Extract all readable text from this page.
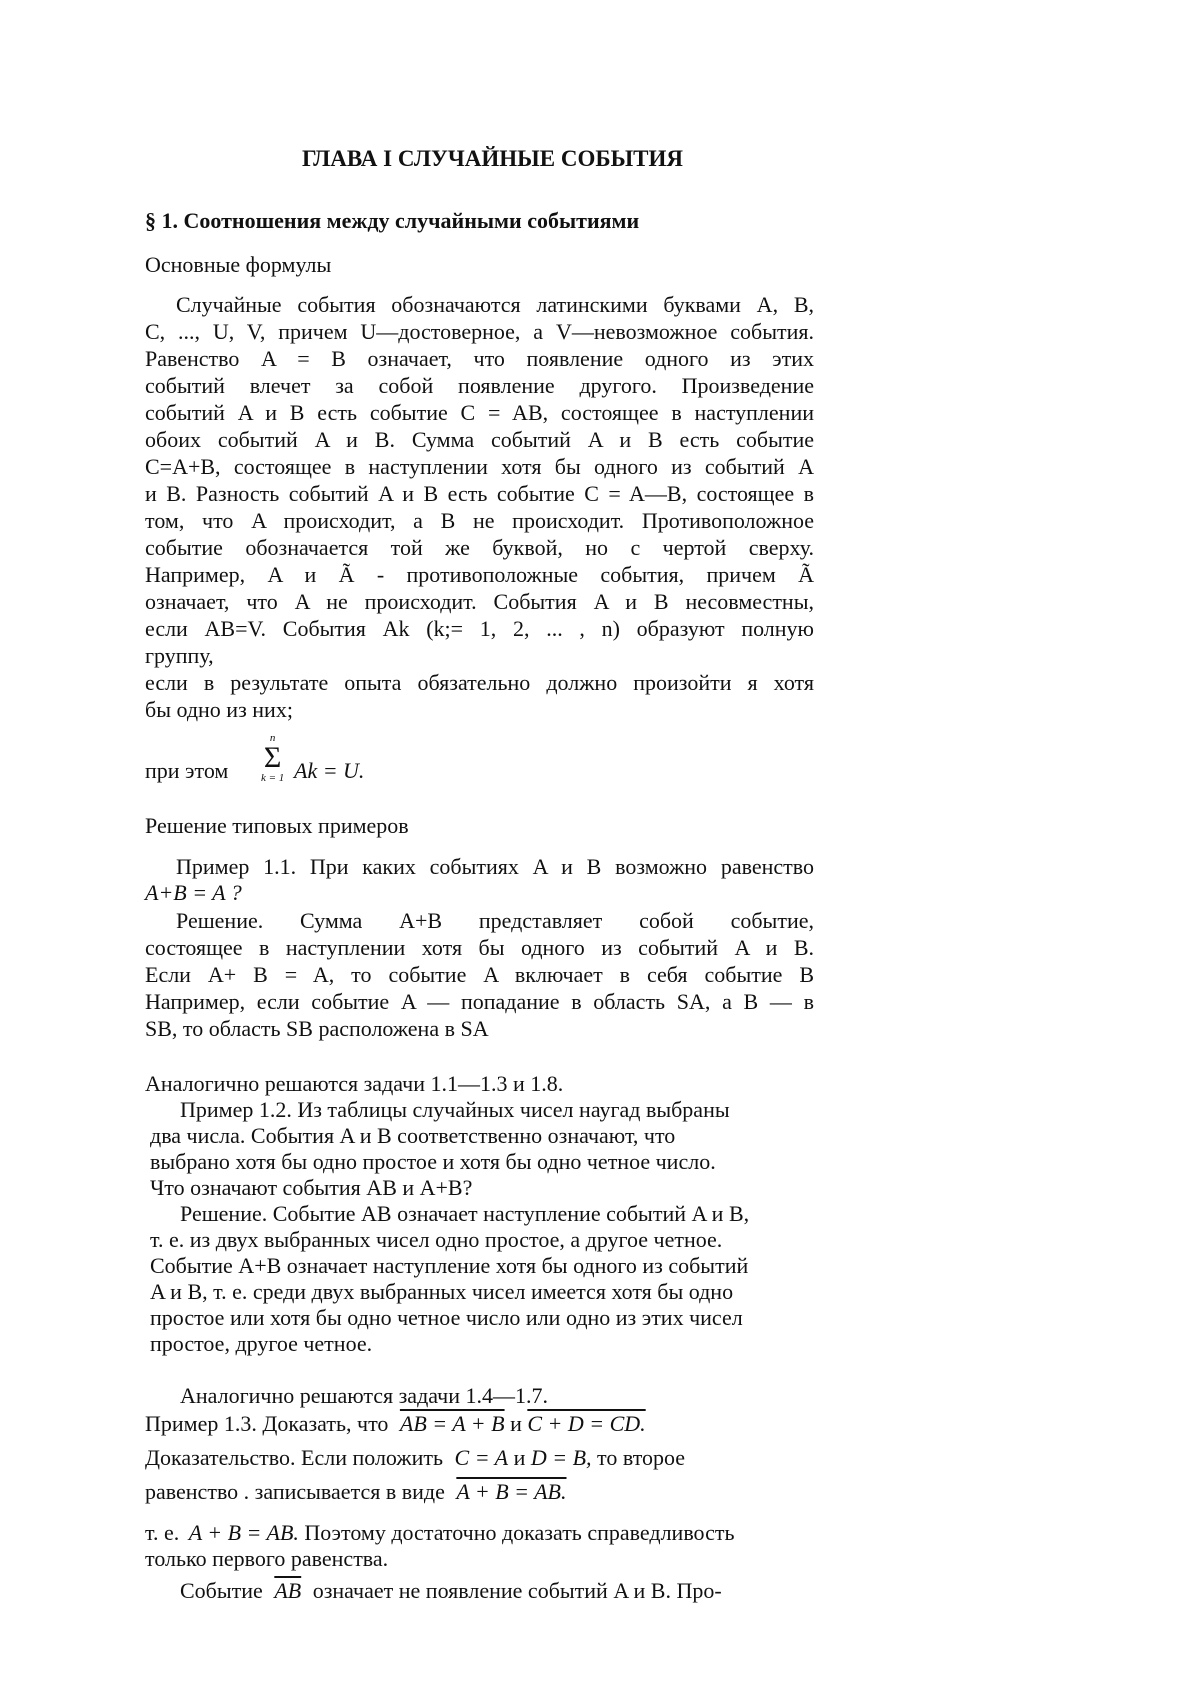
ГЛАВА I СЛУЧАЙНЫЕ СОБЫТИЯ
§ 1. Соотношения между случайными событиями
Основные формулы
Случайные события обозначаются латинскими буквами A, B,
C, ..., U, V, причем U—достоверное, а V—невозможное события.
Равенство A = B означает, что появление одного из этих
событий влечет за собой появление другого. Произведение
событий A и B есть событие C = AB, состоящее в наступлении
обоих событий A и B. Сумма событий A и B есть событие
C=A+B, состоящее в наступлении хотя бы одного из событий A
и B. Разность событий A и B есть событие C = A—B, состоящее в
том, что A происходит, а B не происходит. Противоположное
событие обозначается той же буквой, но с чертой сверху.
Например, A и Ã - противоположные события, причем Ã
означает, что A не происходит. События A и B несовместны,
если AB=V. События Ak (k;= 1, 2, ... , n) образуют полную
группу,
если в результате опыта обязательно должно произойти я хотя
бы одно из них;
при этом
n
Σ
k = 1 Ak = U.
Решение типовых примеров
Пример 1.1. При каких событиях A и B возможно равенство
A+B = A ?
Решение. Сумма A+B представляет собой событие,
состоящее в наступлении хотя бы одного из событий A и B.
Если A+ B = A, то событие A включает в себя событие B
Например, если событие A — попадание в область SA, а B — в
SB, то область SB расположена в SA
Аналогично решаются задачи 1.1—1.3 и 1.8.
Пример 1.2. Из таблицы случайных чисел наугад выбраны
два числа. События A и B соответственно означают, что
выбрано хотя бы одно простое и хотя бы одно четное число.
Что означают события AB и A+B?
Решение. Событие AB означает наступление событий A и B,
т. е. из двух выбранных чисел одно простое, а другое четное.
Событие A+B означает наступление хотя бы одного из событий
A и B, т. е. среди двух выбранных чисел имеется хотя бы одно
простое или хотя бы одно четное число или одно из этих чисел
простое, другое четное.
Аналогично решаются задачи 1.4—1.7.
Пример 1.3. Доказать, что AB = A + B и C + D = CD.
Доказательство. Если положить C = A и D = B, то второе
равенство . записывается в виде A + B = AB.
т. е. A + B = AB. Поэтому достаточно доказать справедливость
только первого равенства.
Событие $\overline{AB}$ означает не появление событий A и B. Про-
